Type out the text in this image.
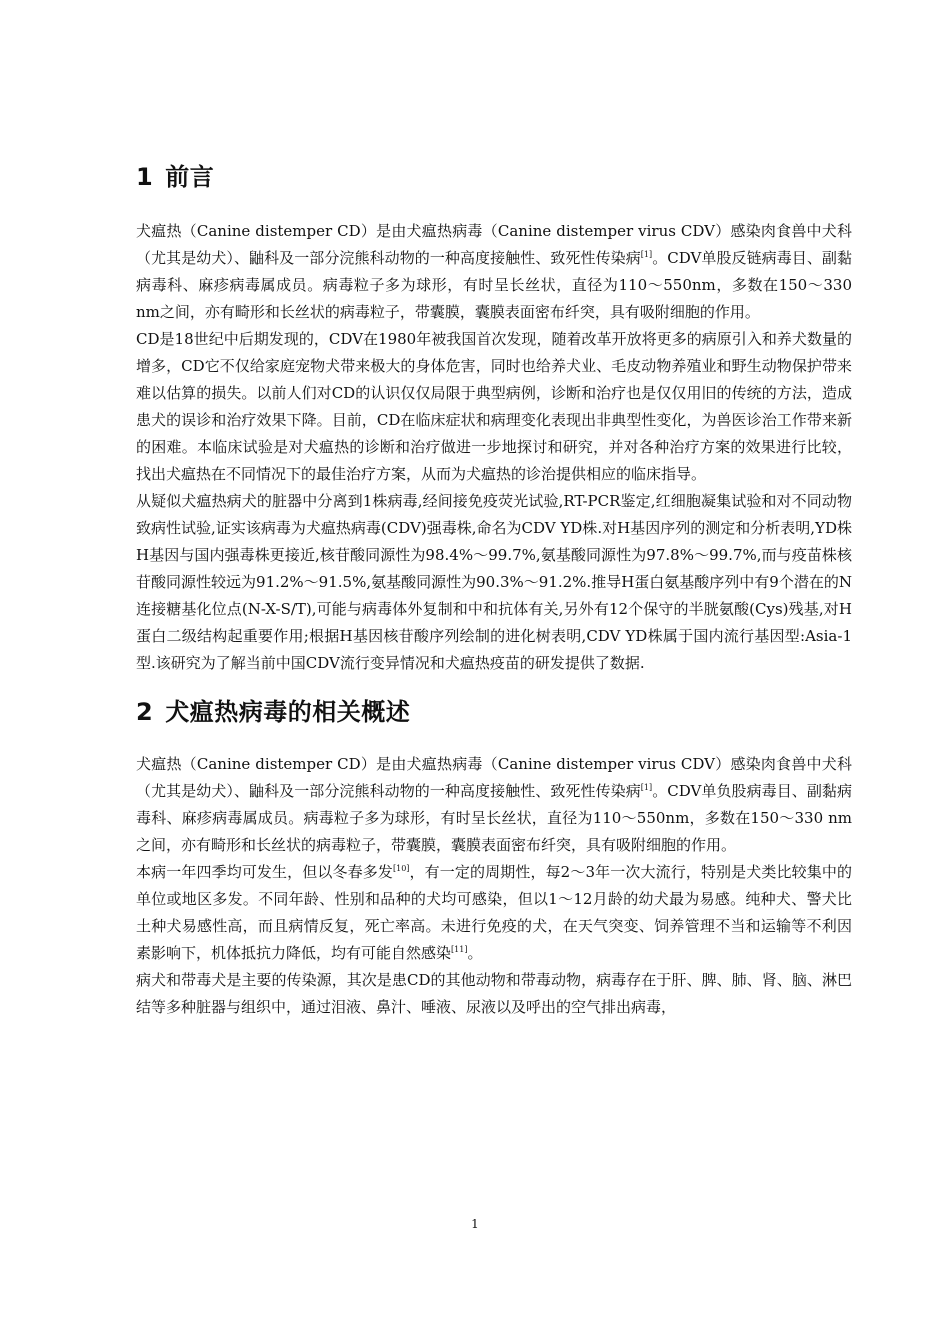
1 前言

犬瘟热（Canine distemper CD）是由犬瘟热病毒（Canine distemper virus CDV）感染肉食兽中犬科（尤其是幼犬）、鼬科及一部分浣熊科动物的一种高度接触性、致死性传染病[1]。CDV单股反链病毒目、副黏病毒科、麻疹病毒属成员。病毒粒子多为球形，有时呈长丝状，直径为110～550nm，多数在150～330 nm之间，亦有畸形和长丝状的病毒粒子，带囊膜，囊膜表面密布纤突，具有吸附细胞的作用。

CD是18世纪中后期发现的，CDV在1980年被我国首次发现，随着改革开放将更多的病原引入和养犬数量的增多，CD它不仅给家庭宠物犬带来极大的身体危害，同时也给养犬业、毛皮动物养殖业和野生动物保护带来难以估算的损失。以前人们对CD的认识仅仅局限于典型病例，诊断和治疗也是仅仅用旧的传统的方法，造成患犬的误诊和治疗效果下降。目前，CD在临床症状和病理变化表现出非典型性变化，为兽医诊治工作带来新的困难。本临床试验是对犬瘟热的诊断和治疗做进一步地探讨和研究，并对各种治疗方案的效果进行比较，找出犬瘟热在不同情况下的最佳治疗方案，从而为犬瘟热的诊治提供相应的临床指导。

从疑似犬瘟热病犬的脏器中分离到1株病毒,经间接免疫荧光试验,RT-PCR鉴定,红细胞凝集试验和对不同动物致病性试验,证实该病毒为犬瘟热病毒(CDV)强毒株,命名为CDV YD株.对H基因序列的测定和分析表明,YD株H基因与国内强毒株更接近,核苷酸同源性为98.4%～99.7%,氨基酸同源性为97.8%～99.7%,而与疫苗株核苷酸同源性较远为91.2%～91.5%,氨基酸同源性为90.3%～91.2%.推导H蛋白氨基酸序列中有9个潜在的N连接糖基化位点(N-X-S/T),可能与病毒体外复制和中和抗体有关,另外有12个保守的半胱氨酸(Cys)残基,对H蛋白二级结构起重要作用;根据H基因核苷酸序列绘制的进化树表明,CDV YD株属于国内流行基因型:Asia-1型.该研究为了解当前中国CDV流行变异情况和犬瘟热疫苗的研发提供了数据.

2 犬瘟热病毒的相关概述

犬瘟热（Canine distemper CD）是由犬瘟热病毒（Canine distemper virus CDV）感染肉食兽中犬科（尤其是幼犬）、鼬科及一部分浣熊科动物的一种高度接触性、致死性传染病[1]。CDV单负股病毒目、副黏病毒科、麻疹病毒属成员。病毒粒子多为球形，有时呈长丝状，直径为110～550nm，多数在150～330 nm之间，亦有畸形和长丝状的病毒粒子，带囊膜，囊膜表面密布纤突，具有吸附细胞的作用。

本病一年四季均可发生，但以冬春多发[10]，有一定的周期性，每2～3年一次大流行，特别是犬类比较集中的单位或地区多发。不同年龄、性别和品种的犬均可感染，但以1～12月龄的幼犬最为易感。纯种犬、警犬比土种犬易感性高，而且病情反复，死亡率高。未进行免疫的犬，在天气突变、饲养管理不当和运输等不利因素影响下，机体抵抗力降低，均有可能自然感染[11]。

病犬和带毒犬是主要的传染源，其次是患CD的其他动物和带毒动物，病毒存在于肝、脾、肺、肾、脑、淋巴结等多种脏器与组织中，通过泪液、鼻汁、唾液、尿液以及呼出的空气排出病毒，

1
